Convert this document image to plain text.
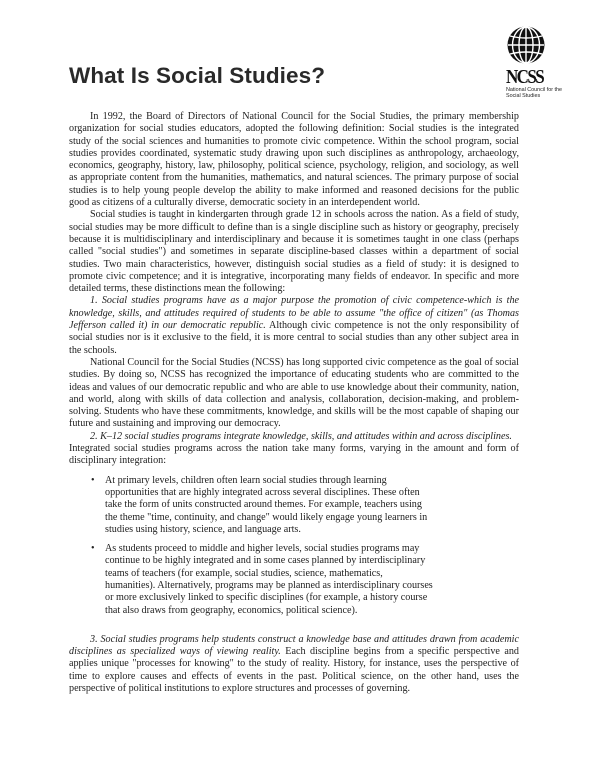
What Is Social Studies?	NCSS
National Council for the Social Studies

In 1992, the Board of Directors of National Council for the Social Studies, the primary membership organization for social studies educators, adopted the following definition: Social studies is the integrated study of the social sciences and humanities to promote civic competence. Within the school program, social studies provides coordinated, systematic study drawing upon such disciplines as anthropology, archaeology, economics, geography, history, law, philosophy, political science, psychology, religion, and sociology, as well as appropriate content from the humanities, mathematics, and natural sciences. The primary purpose of social studies is to help young people develop the ability to make informed and reasoned decisions for the public good as citizens of a culturally diverse, democratic society in an interdependent world.

Social studies is taught in kindergarten through grade 12 in schools across the nation. As a field of study, social studies may be more difficult to define than is a single discipline such as history or geography, precisely because it is multidisciplinary and interdisciplinary and because it is sometimes taught in one class (perhaps called "social studies") and sometimes in separate discipline-based classes within a department of social studies. Two main characteristics, however, distinguish social studies as a field of study: it is designed to promote civic competence; and it is integrative, incorporating many fields of endeavor. In specific and more detailed terms, these distinctions mean the following:

1. Social studies programs have as a major purpose the promotion of civic competence-which is the knowledge, skills, and attitudes required of students to be able to assume "the office of citizen" (as Thomas Jefferson called it) in our democratic republic. Although civic competence is not the only responsibility of social studies nor is it exclusive to the field, it is more central to social studies than any other subject area in the schools.

National Council for the Social Studies (NCSS) has long supported civic competence as the goal of social studies. By doing so, NCSS has recognized the importance of educating students who are committed to the ideas and values of our democratic republic and who are able to use knowledge about their community, nation, and world, along with skills of data collection and analysis, collaboration, decision-making, and problem-solving. Students who have these commitments, knowledge, and skills will be the most capable of shaping our future and sustaining and improving our democracy.

2. K–12 social studies programs integrate knowledge, skills, and attitudes within and across disciplines.

Integrated social studies programs across the nation take many forms, varying in the amount and form of disciplinary integration:

• At primary levels, children often learn social studies through learning opportunities that are highly integrated across several disciplines. These often take the form of units constructed around themes. For example, teachers using the theme "time, continuity, and change" would likely engage young learners in studies using history, science, and language arts.
• As students proceed to middle and higher levels, social studies programs may continue to be highly integrated and in some cases planned by interdisciplinary teams of teachers (for example, social studies, science, mathematics, humanities). Alternatively, programs may be planned as interdisciplinary courses or more exclusively linked to specific disciplines (for example, a history course that also draws from geography, economics, political science).

3. Social studies programs help students construct a knowledge base and attitudes drawn from academic disciplines as specialized ways of viewing reality. Each discipline begins from a specific perspective and applies unique "processes for knowing" to the study of reality. History, for instance, uses the perspective of time to explore causes and effects of events in the past. Political science, on the other hand, uses the perspective of political institutions to explore structures and processes of governing.
